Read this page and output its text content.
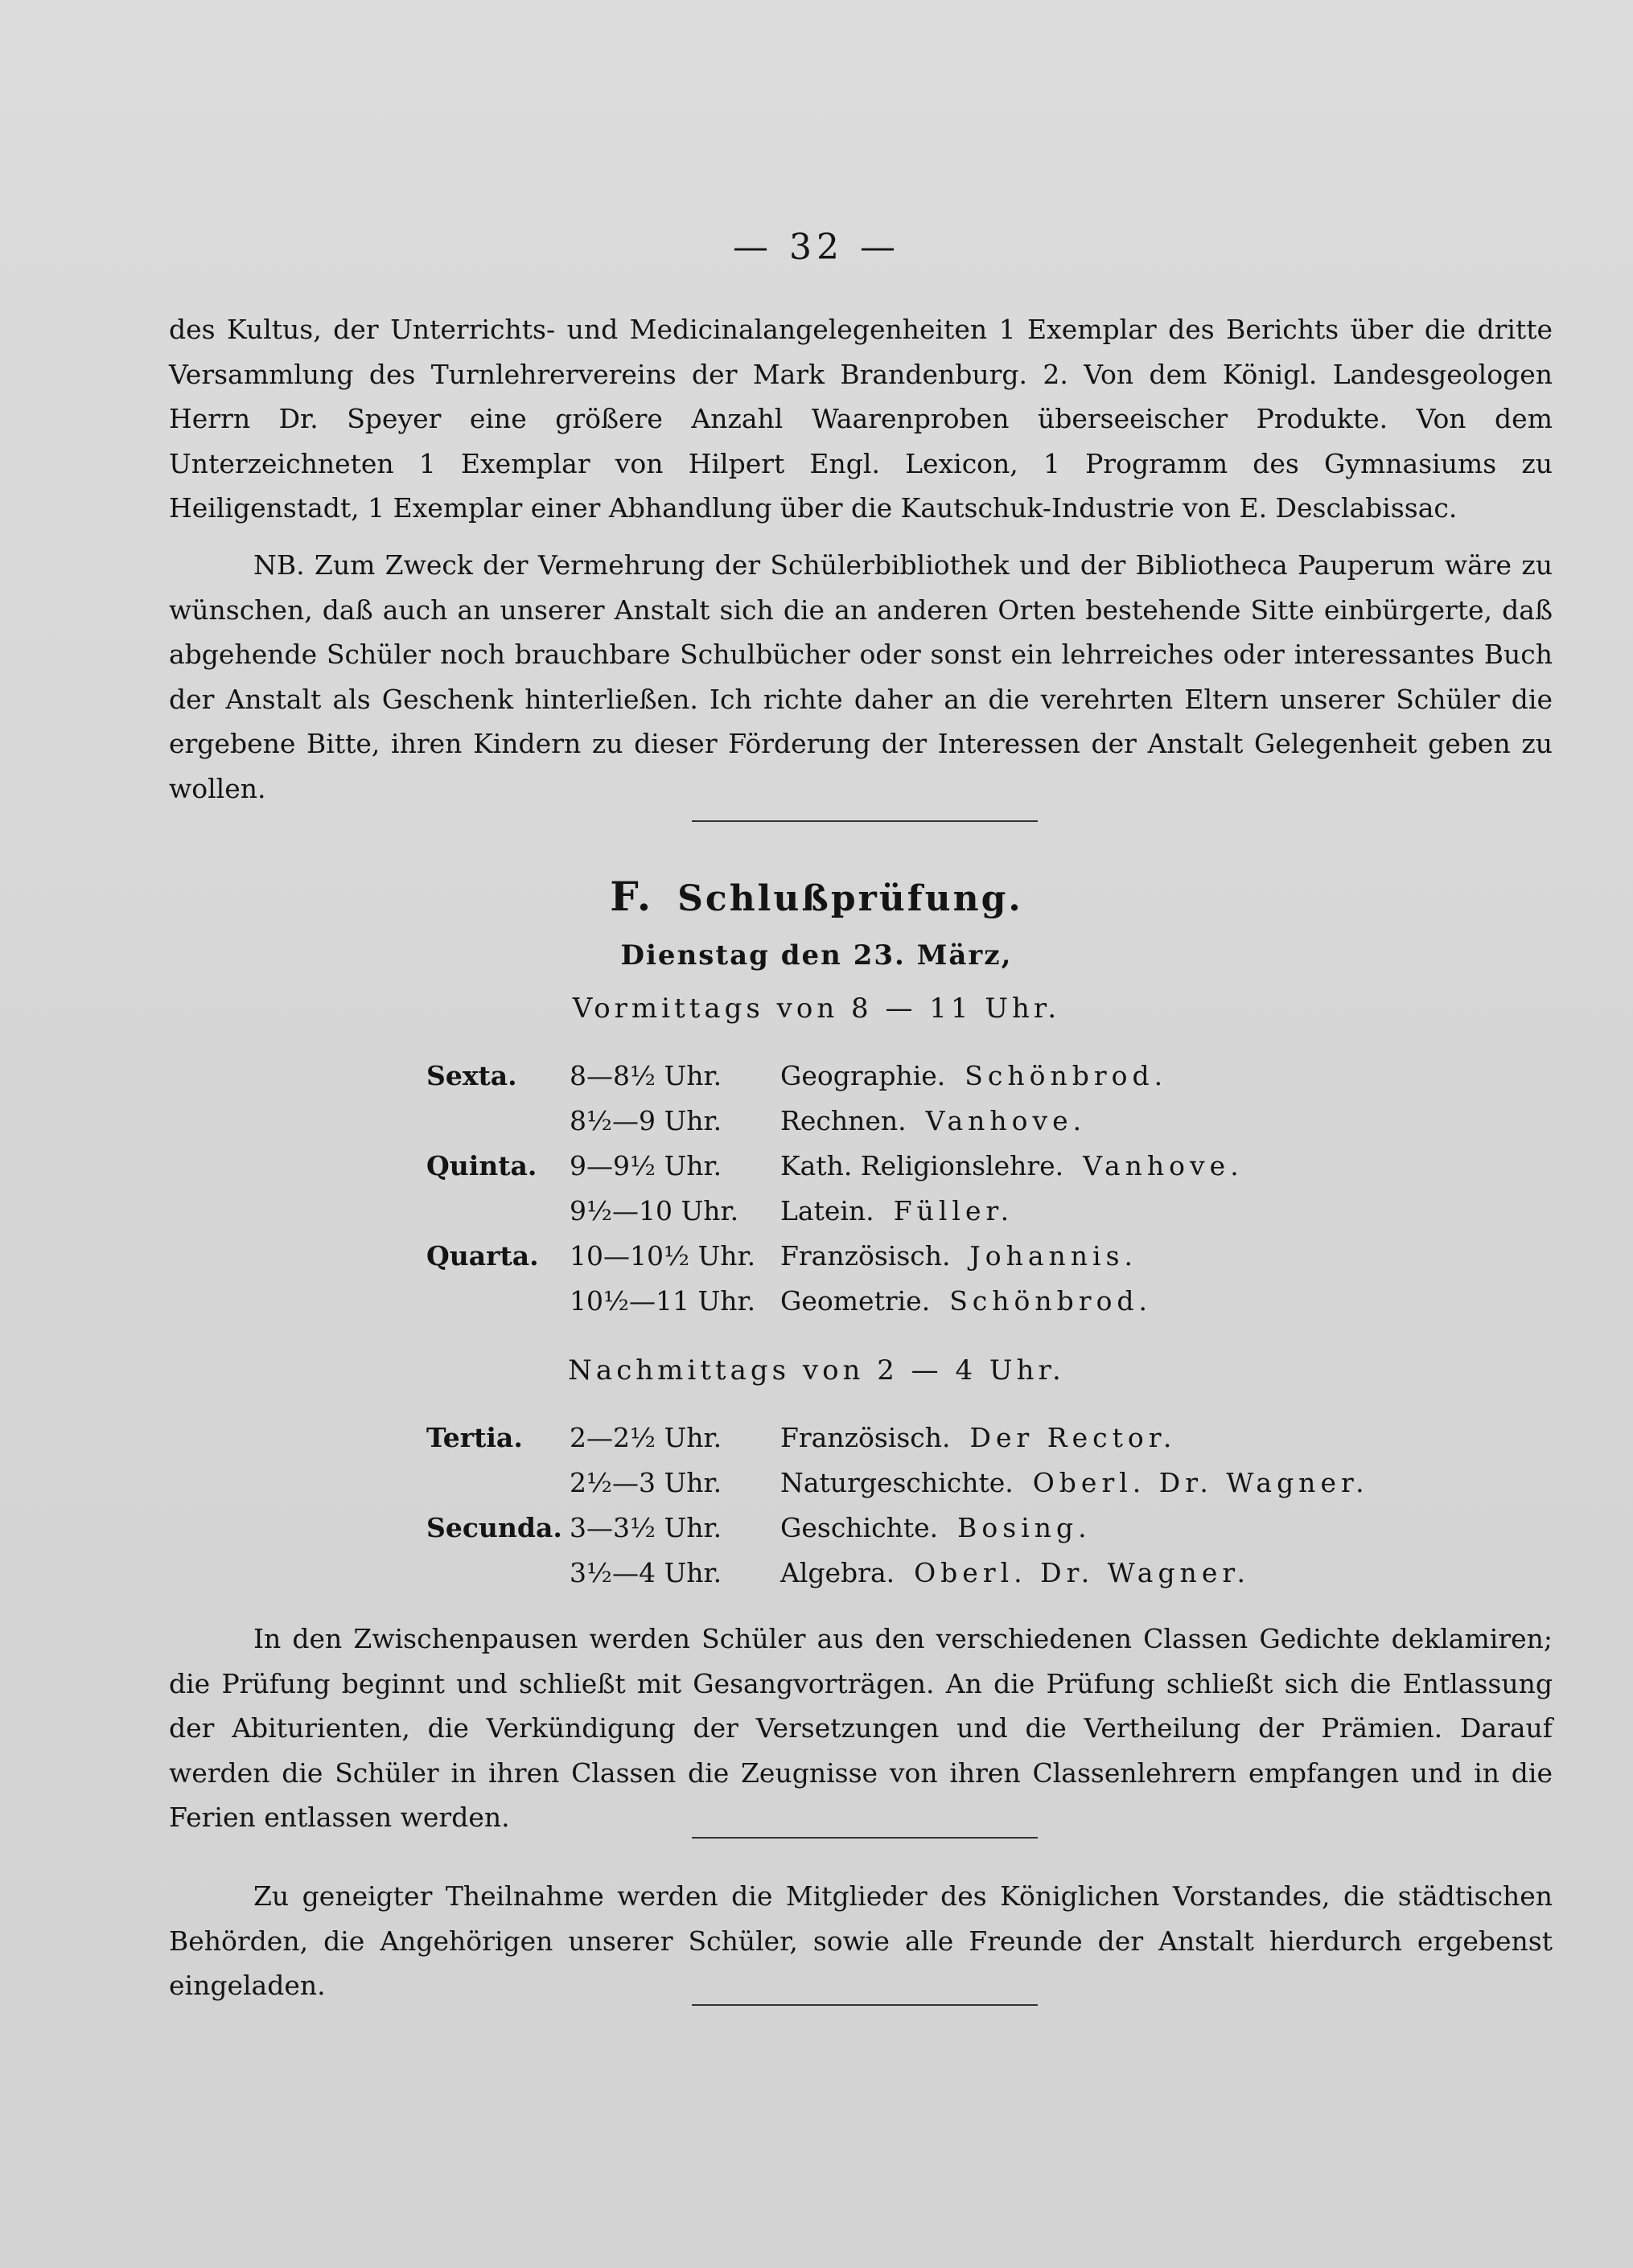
— 32 —

des Kultus, der Unterrichts- und Medicinalangelegenheiten 1 Exemplar des Berichts über die dritte Versammlung des Turnlehrervereins der Mark Brandenburg. 2. Von dem Königl. Landesgeologen Herrn Dr. Speyer eine größere Anzahl Waarenproben überseeischer Produkte. Von dem Unterzeichneten 1 Exemplar von Hilpert Engl. Lexicon, 1 Programm des Gymnasiums zu Heiligenstadt, 1 Exemplar einer Abhandlung über die Kautschuk-Industrie von E. Desclabissac.

NB. Zum Zweck der Vermehrung der Schülerbibliothek und der Bibliotheca Pauperum wäre zu wünschen, daß auch an unserer Anstalt sich die an anderen Orten bestehende Sitte einbürgerte, daß abgehende Schüler noch brauchbare Schulbücher oder sonst ein lehrreiches oder interessantes Buch der Anstalt als Geschenk hinterließen. Ich richte daher an die verehrten Eltern unserer Schüler die ergebene Bitte, ihren Kindern zu dieser Förderung der Interessen der Anstalt Gelegenheit geben zu wollen.

F. Schlußprüfung.
Dienstag den 23. März,
Vormittags von 8 — 11 Uhr.
Sexta.	8—8½ Uhr. Geographie. Schönbrod.
8½—9 Uhr. Rechnen. Vanhove.
Quinta.	9—9½ Uhr. Kath. Religionslehre. Vanhove.
9½—10 Uhr. Latein. Füller.
Quarta.	10—10½ Uhr. Französisch. Johannis.
10½—11 Uhr. Geometrie. Schönbrod.
Nachmittags von 2 — 4 Uhr.
Tertia.	2—2½ Uhr. Französisch. Der Rector.
2½—3 Uhr. Naturgeschichte. Oberl. Dr. Wagner.
Secunda. 3—3½ Uhr. Geschichte. Bosing.
3½—4 Uhr. Algebra. Oberl. Dr. Wagner.

In den Zwischenpausen werden Schüler aus den verschiedenen Classen Gedichte deklamiren; die Prüfung beginnt und schließt mit Gesangvorträgen. An die Prüfung schließt sich die Entlassung der Abiturienten, die Verkündigung der Versetzungen und die Vertheilung der Prämien. Darauf werden die Schüler in ihren Classen die Zeugnisse von ihren Classenlehrern empfangen und in die Ferien entlassen werden.

Zu geneigter Theilnahme werden die Mitglieder des Königlichen Vorstandes, die städtischen Behörden, die Angehörigen unserer Schüler, sowie alle Freunde der Anstalt hierdurch ergebenst eingeladen.
